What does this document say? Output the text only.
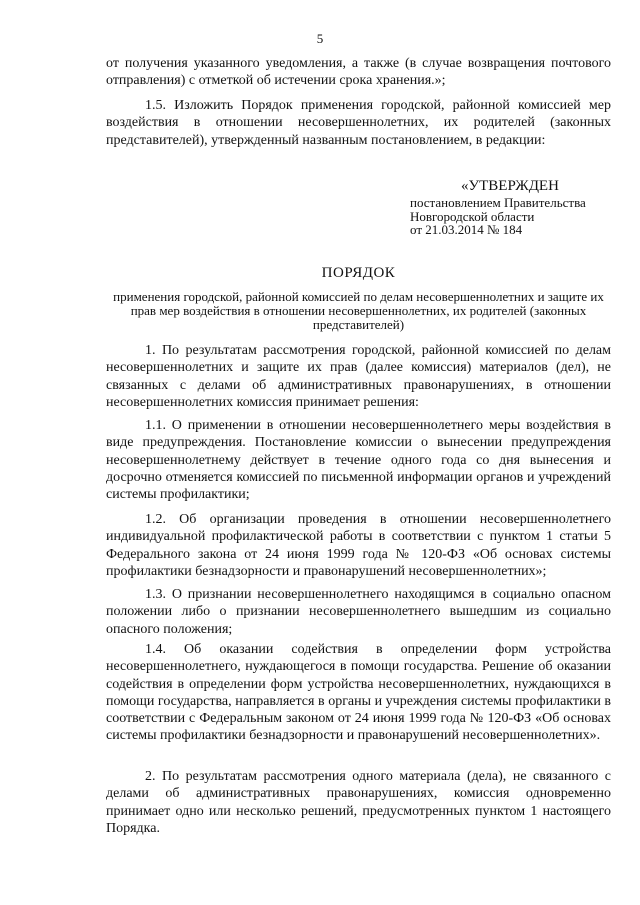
5
от получения указанного уведомления, а также (в случае возвращения почтового отправления) с отметкой об истечении срока хранения.»;
1.5. Изложить Порядок применения городской, районной комиссией мер воздействия в отношении несовершеннолетних, их родителей (законных представителей), утвержденный названным постановлением, в редакции:
«УТВЕРЖДЕН
постановлением Правительства
Новгородской области
от 21.03.2014 № 184
ПОРЯДОК
применения городской, районной комиссией по делам несовершеннолетних и защите их прав мер воздействия в отношении несовершеннолетних, их родителей (законных представителей)
1. По результатам рассмотрения городской, районной комиссией по делам несовершеннолетних и защите их прав (далее комиссия) материалов (дел), не связанных с делами об административных правонарушениях, в отношении несовершеннолетних комиссия принимает решения:
1.1. О применении в отношении несовершеннолетнего меры воздействия в виде предупреждения. Постановление комиссии о вынесении предупреждения несовершеннолетнему действует в течение одного года со дня вынесения и досрочно отменяется комиссией по письменной информации органов и учреждений системы профилактики;
1.2. Об организации проведения в отношении несовершеннолетнего индивидуальной профилактической работы в соответствии с пунктом 1 статьи 5 Федерального закона от 24 июня 1999 года № 120-ФЗ «Об основах системы профилактики безнадзорности и правонарушений несовершеннолетних»;
1.3. О признании несовершеннолетнего находящимся в социально опасном положении либо о признании несовершеннолетнего вышедшим из социально опасного положения;
1.4. Об оказании содействия в определении форм устройства несовершеннолетнего, нуждающегося в помощи государства. Решение об оказании содействия в определении форм устройства несовершеннолетних, нуждающихся в помощи государства, направляется в органы и учреждения системы профилактики в соответствии с Федеральным законом от 24 июня 1999 года № 120-ФЗ «Об основах системы профилактики безнадзорности и правонарушений несовершеннолетних».
2. По результатам рассмотрения одного материала (дела), не связанного с делами об административных правонарушениях, комиссия одновременно принимает одно или несколько решений, предусмотренных пунктом 1 настоящего Порядка.
